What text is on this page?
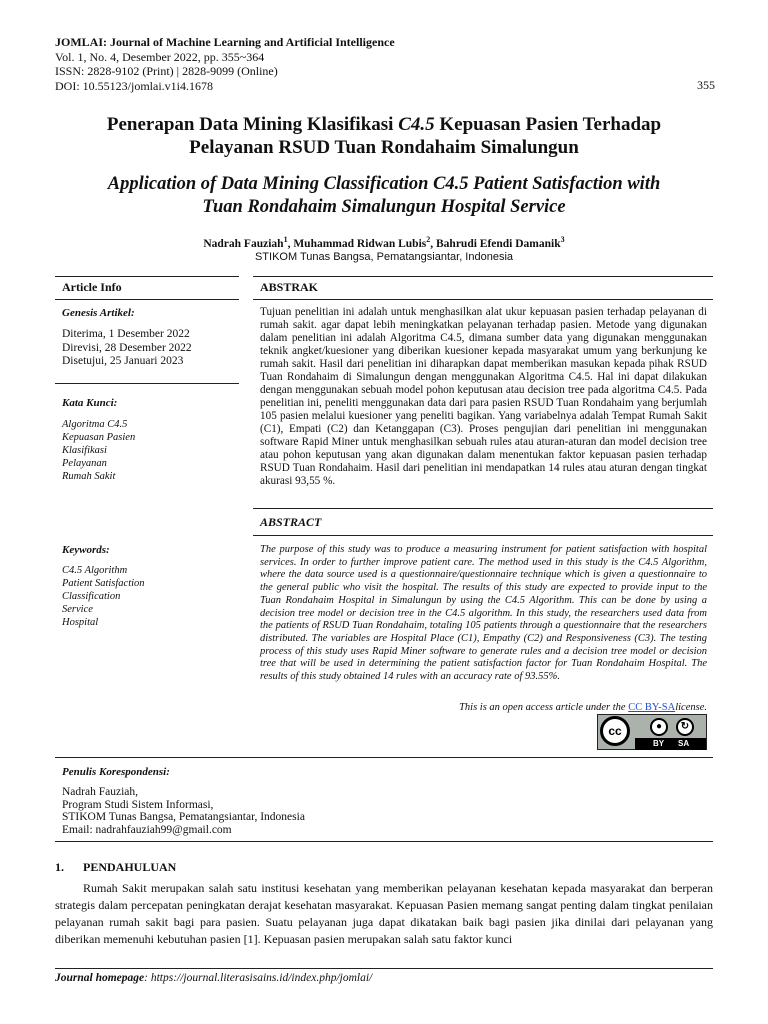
JOMLAI: Journal of Machine Learning and Artificial Intelligence
Vol. 1, No. 4, Desember 2022, pp. 355~364
ISSN: 2828-9102 (Print) | 2828-9099 (Online)
DOI: 10.55123/jomlai.v1i4.1678	355
Penerapan Data Mining Klasifikasi C4.5 Kepuasan Pasien Terhadap
Pelayanan RSUD Tuan Rondahaim Simalungun
Application of Data Mining Classification C4.5 Patient Satisfaction with
Tuan Rondahaim Simalungun Hospital Service
Nadrah Fauziah$^1$, Muhammad Ridwan Lubis$^2$, Bahrudi Efendi Damanik$^3$
STIKOM Tunas Bangsa, Pematangsiantar, Indonesia
Article Info
Genesis Artikel:
Diterima, 1 Desember 2022
Direvisi, 28 Desember 2022
Disetujui, 25 Januari 2023
Kata Kunci:
Algoritma C4.5
Kepuasan Pasien
Klasifikasi
Pelayanan
Rumah Sakit
Keywords:
C4.5 Algorithm
Patient Satisfaction
Classification
Service
Hospital
ABSTRAK
Tujuan penelitian ini adalah untuk menghasilkan alat ukur kepuasan pasien terhadap pelayanan di rumah sakit. agar dapat lebih meningkatkan pelayanan terhadap pasien. Metode yang digunakan dalam penelitian ini adalah Algoritma C4.5, dimana sumber data yang digunakan menggunakan teknik angket/kuesioner yang diberikan kuesioner kepada masyarakat umum yang berkunjung ke rumah sakit. Hasil dari penelitian ini diharapkan dapat memberikan masukan kepada pihak RSUD Tuan Rondahaim di Simalungun dengan menggunakan Algoritma C4.5. Hal ini dapat dilakukan dengan menggunakan sebuah model pohon keputusan atau decision tree pada algoritma C4.5. Pada penelitian ini, peneliti menggunakan data dari para pasien RSUD Tuan Rondahaim yang berjumlah 105 pasien melalui kuesioner yang peneliti bagikan. Yang variabelnya adalah Tempat Rumah Sakit (C1), Empati (C2) dan Ketanggapan (C3). Proses pengujian dari penelitian ini menggunakan software Rapid Miner untuk menghasilkan sebuah rules atau aturan-aturan dan model decision tree atau pohon keputusan yang akan digunakan dalam menentukan faktor kepuasan pasien terhadap RSUD Tuan Rondahaim. Hasil dari penelitian ini mendapatkan 14 rules atau aturan dengan tingkat akurasi 93,55 %.
ABSTRACT
The purpose of this study was to produce a measuring instrument for patient satisfaction with hospital services. In order to further improve patient care. The method used in this study is the C4.5 Algorithm, where the data source used is a questionnaire/questionnaire technique which is given a questionnaire to the general public who visit the hospital. The results of this study are expected to provide input to the Tuan Rondahaim Hospital in Simalungun by using the C4.5 Algorithm. This can be done by using a decision tree model or decision tree in the C4.5 algorithm. In this study, the researchers used data from the patients of RSUD Tuan Rondahaim, totaling 105 patients through a questionnaire that the researchers distributed. The variables are Hospital Place (C1), Empathy (C2) and Responsiveness (C3). The testing process of this study uses Rapid Miner software to generate rules and a decision tree model or decision tree that will be used in determining the patient satisfaction factor for Tuan Rondahaim Hospital. The results of this study obtained 14 rules with an accuracy rate of 93.55%.
This is an open access article under the CC BY-SAlicense.
cc	●	↻
BY SA
Penulis Korespondensi:
Nadrah Fauziah,
Program Studi Sistem Informasi,
STIKOM Tunas Bangsa, Pematangsiantar, Indonesia
Email: nadrahfauziah99@gmail.com
1. PENDAHULUAN
Rumah Sakit merupakan salah satu institusi kesehatan yang memberikan pelayanan kesehatan kepada masyarakat dan berperan strategis dalam percepatan peningkatan derajat kesehatan masyarakat. Kepuasan Pasien memang sangat penting dalam tingkat penilaian pelayanan rumah sakit bagi para pasien. Suatu pelayanan juga dapat dikatakan baik bagi pasien jika dinilai dari pelayanan yang diberikan memenuhi kebutuhan pasien [1]. Kepuasan pasien merupakan salah satu faktor kunci
Journal homepage: https://journal.literasisains.id/index.php/jomlai/
